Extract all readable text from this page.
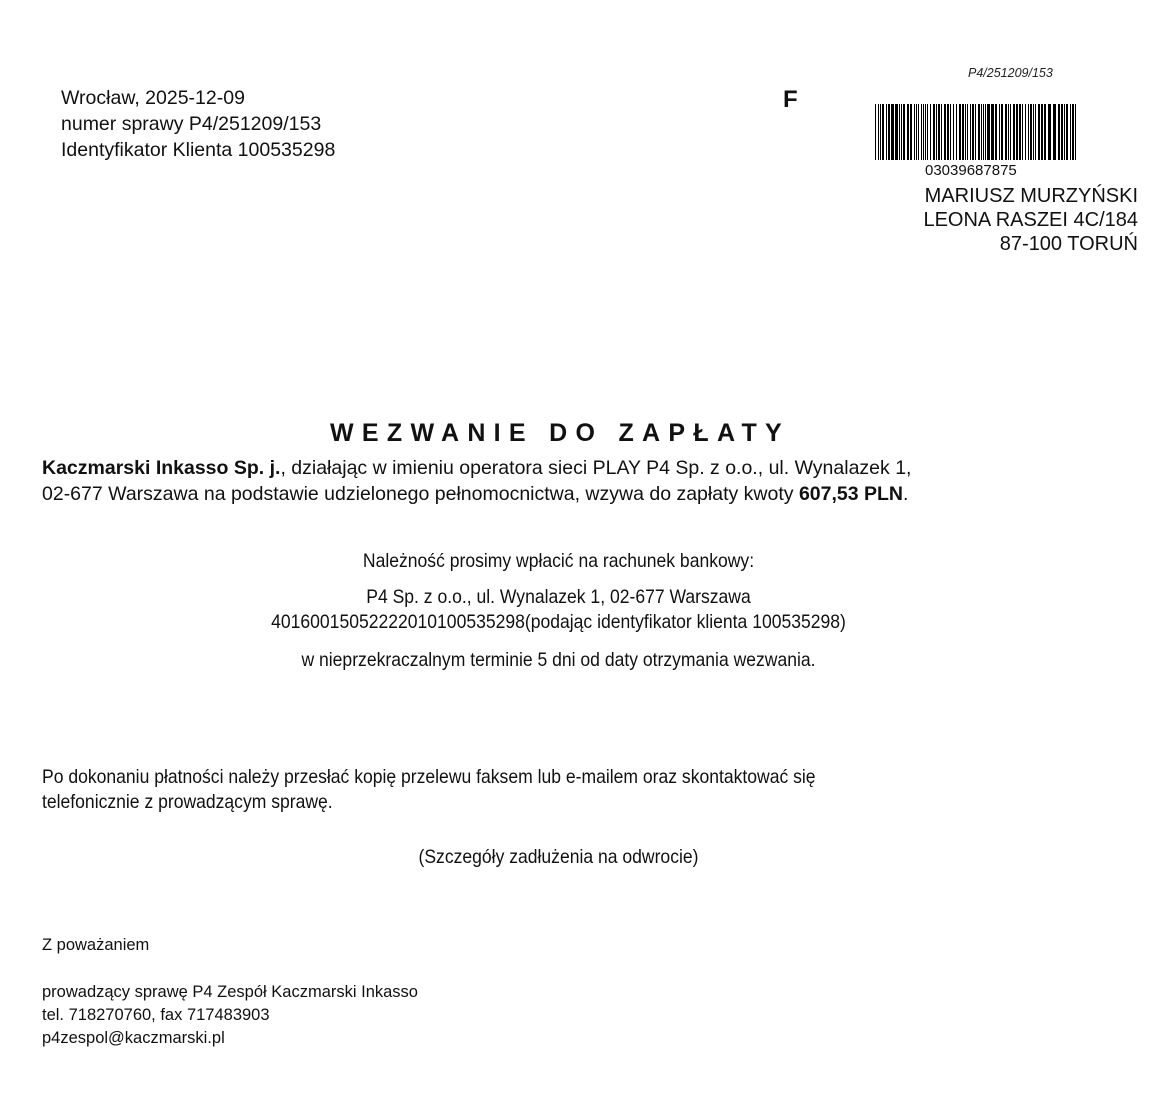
Wrocław, 2025-12-09
numer sprawy P4/251209/153
Identyfikator Klienta 100535298
F
P4/251209/153
03039687875
MARIUSZ MURZYŃSKI
LEONA RASZEI 4C/184
87-100 TORUŃ
WEZWANIE DO ZAPŁATY
Kaczmarski Inkasso Sp. j., działając w imieniu operatora sieci PLAY P4 Sp. z o.o., ul. Wynalazek 1,
02-677 Warszawa na podstawie udzielonego pełnomocnictwa, wzywa do zapłaty kwoty 607,53 PLN.
Należność prosimy wpłacić na rachunek bankowy:
P4 Sp. z o.o., ul. Wynalazek 1, 02-677 Warszawa
40160015052222010100535298(podając identyfikator klienta 100535298)
w nieprzekraczalnym terminie 5 dni od daty otrzymania wezwania.
Po dokonaniu płatności należy przesłać kopię przelewu faksem lub e-mailem oraz skontaktować się
telefonicznie z prowadzącym sprawę.
(Szczegóły zadłużenia na odwrocie)
Z poważaniem
prowadzący sprawę P4 Zespół Kaczmarski Inkasso
tel. 718270760, fax 717483903
p4zespol@kaczmarski.pl
